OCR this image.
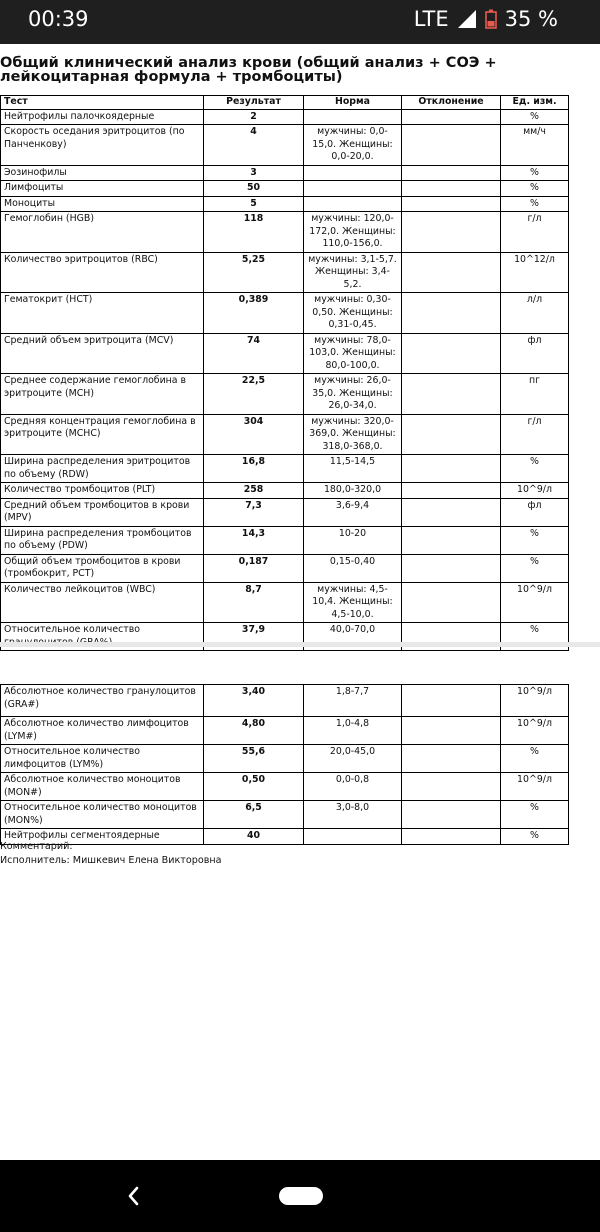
00:39	LTE	35 %
Общий клинический анализ крови (общий анализ + СОЭ +
лейкоцитарная формула + тромбоциты)
Тест	Результат	Норма	Отклонение	Ед. изм.
Нейтрофилы палочкоядерные	2			%
Скорость оседания эритроцитов (по Панченкову)	4	мужчины: 0,0-15,0. Женщины: 0,0-20,0.		мм/ч
Эозинофилы	3			%
Лимфоциты	50			%
Моноциты	5			%
Гемоглобин (HGB)	118	мужчины: 120,0-172,0. Женщины: 110,0-156,0.		г/л
Количество эритроцитов (RBC)	5,25	мужчины: 3,1-5,7. Женщины: 3,4-5,2.		10^12/л
Гематокрит (HCT)	0,389	мужчины: 0,30-0,50. Женщины: 0,31-0,45.		л/л
Средний объем эритроцита (MCV)	74	мужчины: 78,0-103,0. Женщины: 80,0-100,0.		фл
Среднее содержание гемоглобина в эритроците (MCH)	22,5	мужчины: 26,0-35,0. Женщины: 26,0-34,0.		пг
Средняя концентрация гемоглобина в эритроците (MCHC)	304	мужчины: 320,0-369,0. Женщины: 318,0-368,0.		г/л
Ширина распределения эритроцитов по объему (RDW)	16,8	11,5-14,5		%
Количество тромбоцитов (PLT)	258	180,0-320,0		10^9/л
Средний объем тромбоцитов в крови (MPV)	7,3	3,6-9,4		фл
Ширина распределения тромбоцитов по объему (PDW)	14,3	10-20		%
Общий объем тромбоцитов в крови (тромбокрит, PCT)	0,187	0,15-0,40		%
Количество лейкоцитов (WBC)	8,7	мужчины: 4,5-10,4. Женщины: 4,5-10,0.		10^9/л
Относительное количество	37,9	40,0-70,0		%
Абсолютное количество гранулоцитов (GRA#)	3,40	1,8-7,7		10^9/л
Абсолютное количество лимфоцитов (LYM#)	4,80	1,0-4,8		10^9/л
Относительное количество лимфоцитов (LYM%)	55,6	20,0-45,0		%
Абсолютное количество моноцитов (MON#)	0,50	0,0-0,8		10^9/л
Относительное количество моноцитов (MON%)	6,5	3,0-8,0		%
Нейтрофилы сегментоядерные	40			%
Комментарий:
Исполнитель: Мишкевич Елена Викторовна
